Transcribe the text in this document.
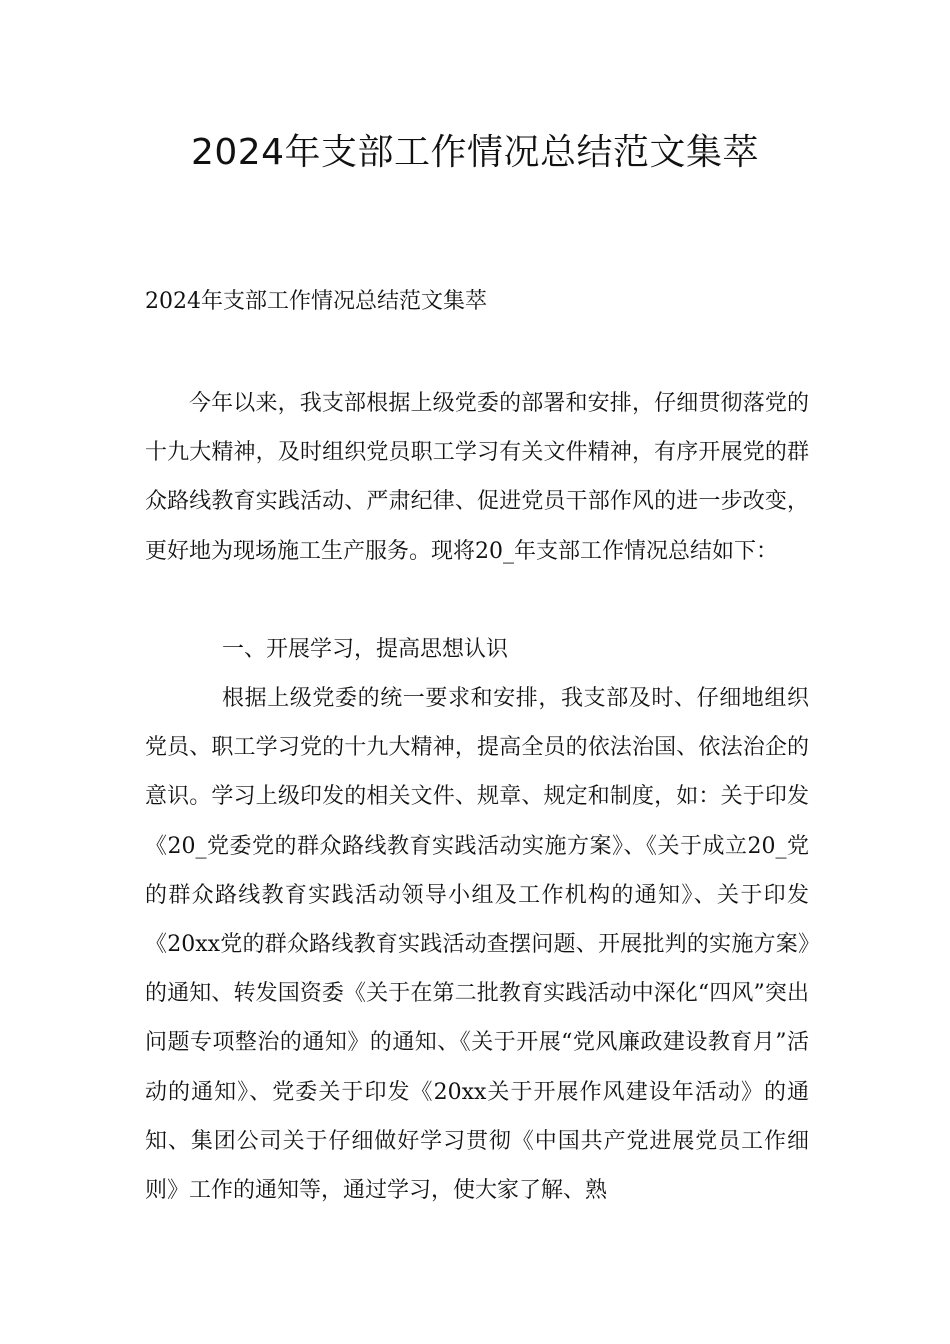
2024年支部工作情况总结范文集萃

2024年支部工作情况总结范文集萃

今年以来，我支部根据上级党委的部署和安排，仔细贯彻落党的十九大精神，及时组织党员职工学习有关文件精神，有序开展党的群众路线教育实践活动、严肃纪律、促进党员干部作风的进一步改变，更好地为现场施工生产服务。现将20_年支部工作情况总结如下：

一、开展学习，提高思想认识

根据上级党委的统一要求和安排，我支部及时、仔细地组织党员、职工学习党的十九大精神，提高全员的依法治国、依法治企的意识。学习上级印发的相关文件、规章、规定和制度，如：关于印发《20_党委党的群众路线教育实践活动实施方案》、《关于成立20_党的群众路线教育实践活动领导小组及工作机构的通知》、关于印发《20xx党的群众路线教育实践活动查摆问题、开展批判的实施方案》的通知、转发国资委《关于在第二批教育实践活动中深化“四风”突出问题专项整治的通知》的通知、《关于开展“党风廉政建设教育月”活动的通知》、党委关于印发《20xx关于开展作风建设年活动》的通知、集团公司关于仔细做好学习贯彻《中国共产党进展党员工作细则》工作的通知等，通过学习，使大家了解、熟
